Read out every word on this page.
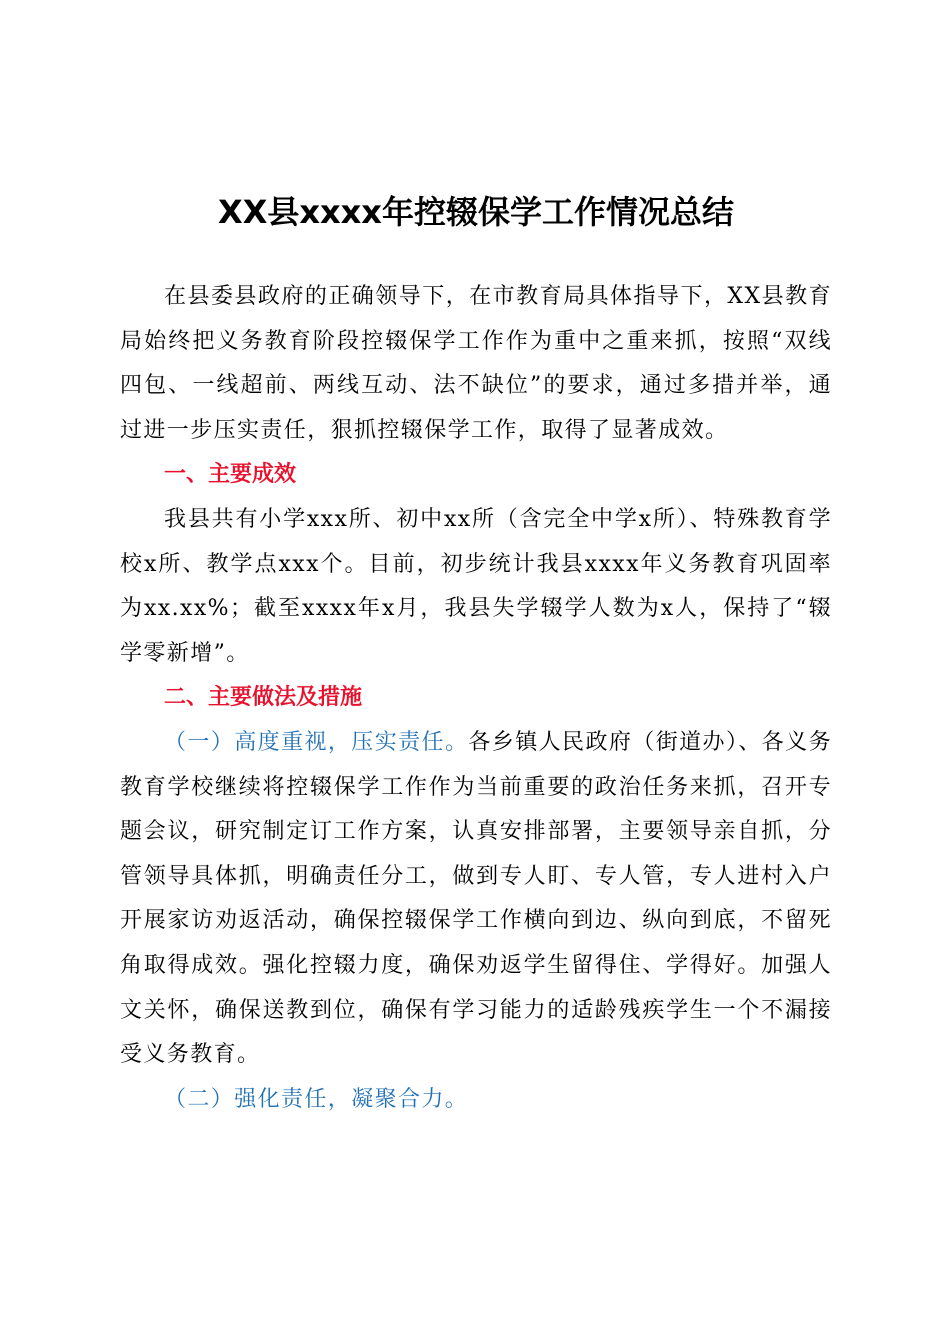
XX县xxxx年控辍保学工作情况总结

在县委县政府的正确领导下，在市教育局具体指导下，XX县教育局始终把义务教育阶段控辍保学工作作为重中之重来抓，按照“双线四包、一线超前、两线互动、法不缺位”的要求，通过多措并举，通过进一步压实责任，狠抓控辍保学工作，取得了显著成效。

一、主要成效

我县共有小学xxx所、初中xx所（含完全中学x所）、特殊教育学校x所、教学点xxx个。目前，初步统计我县xxxx年义务教育巩固率为xx.xx%；截至xxxx年x月，我县失学辍学人数为x人，保持了“辍学零新增”。

二、主要做法及措施

（一）高度重视，压实责任。各乡镇人民政府（街道办）、各义务教育学校继续将控辍保学工作作为当前重要的政治任务来抓，召开专题会议，研究制定订工作方案，认真安排部署，主要领导亲自抓，分管领导具体抓，明确责任分工，做到专人盯、专人管，专人进村入户开展家访劝返活动，确保控辍保学工作横向到边、纵向到底，不留死角取得成效。强化控辍力度，确保劝返学生留得住、学得好。加强人文关怀，确保送教到位，确保有学习能力的适龄残疾学生一个不漏接受义务教育。

（二）强化责任，凝聚合力。
